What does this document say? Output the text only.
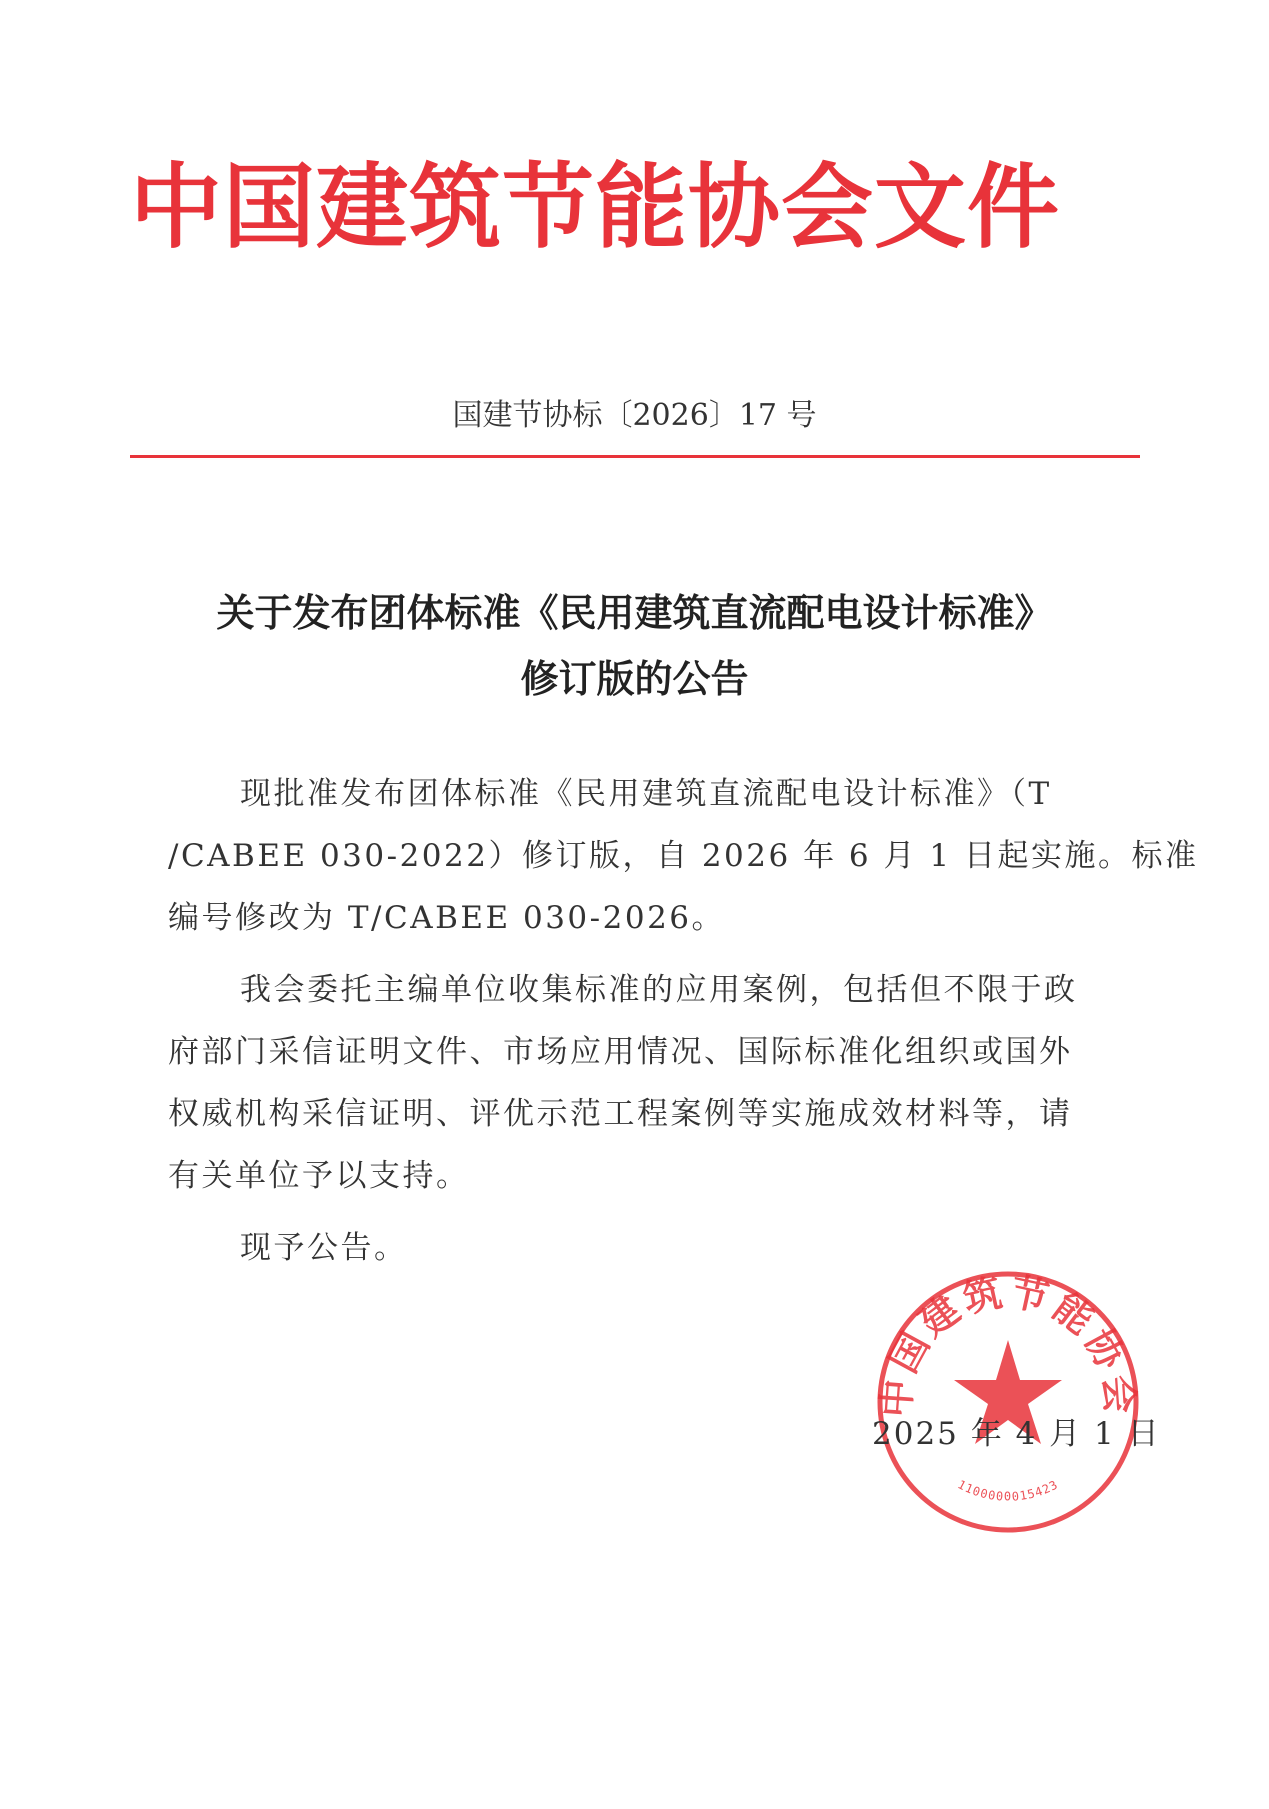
中国建筑节能协会文件
国建节协标〔2026〕17 号
关于发布团体标准《民用建筑直流配电设计标准》
修订版的公告
现批准发布团体标准《民用建筑直流配电设计标准》（T
/CABEE 030-2022）修订版，自 2026 年 6 月 1 日起实施。标准
编号修改为 T/CABEE 030-2026。
我会委托主编单位收集标准的应用案例，包括但不限于政
府部门采信证明文件、市场应用情况、国际标准化组织或国外
权威机构采信证明、评优示范工程案例等实施成效材料等，请
有关单位予以支持。
现予公告。
中国建筑节能协会
1100000015423
2025 年 4 月 1 日
